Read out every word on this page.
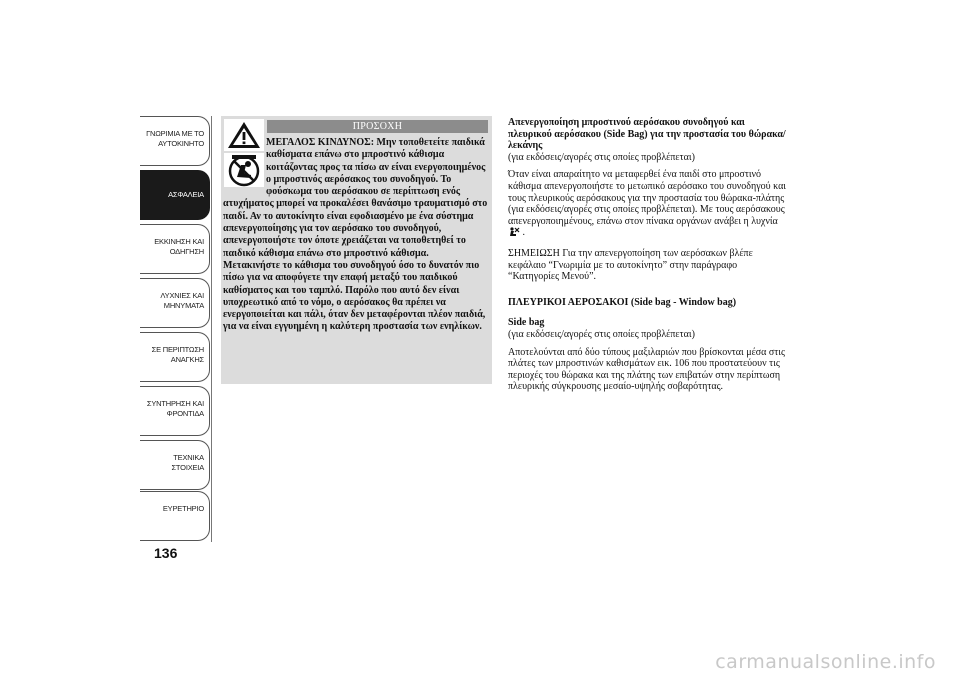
ΓΝΩΡΙΜΙΑ ΜΕ ΤΟ ΑΥΤΟΚΙΝΗΤΟ
ΑΣΦΑΛΕΙΑ
ΕΚΚΙΝΗΣΗ ΚΑΙ ΟΔΗΓΗΣΗ
ΛΥΧΝΙΕΣ ΚΑΙ ΜΗΝΥΜΑΤΑ
ΣΕ ΠΕΡΙΠΤΩΣΗ ΑΝΑΓΚΗΣ
ΣΥΝΤΗΡΗΣΗ ΚΑΙ ΦΡΟΝΤΙΔΑ
ΤΕΧΝΙΚΑ ΣΤΟΙΧΕΙΑ
ΕΥΡΕΤΗΡΙΟ
136
ΠΡΟΣΟΧΗ
ΜΕΓΑΛΟΣ ΚΙΝΔΥΝΟΣ: Μην τοποθετείτε παιδικά καθίσματα επάνω στο μπροστινό κάθισμα κοιτάζοντας προς τα πίσω αν είναι ενεργοποιημένος ο μπροστινός αερόσακος του συνοδηγού. Το φούσκωμα του αερόσακου σε περίπτωση ενός ατυχήματος μπορεί να προκαλέσει θανάσιμο τραυματισμό στο παιδί. Αν το αυτοκίνητο είναι εφοδιασμένο με ένα σύστημα απενεργοποίησης για τον αερόσακο του συνοδηγού, απενεργοποιήστε τον όποτε χρειάζεται να τοποθετηθεί το παιδικό κάθισμα επάνω στο μπροστινό κάθισμα. Μετακινήστε το κάθισμα του συνοδηγού όσο το δυνατόν πιο πίσω για να αποφύγετε την επαφή μεταξύ του παιδικού καθίσματος και του ταμπλό. Παρόλο που αυτό δεν είναι υποχρεωτικό από το νόμο, ο αερόσακος θα πρέπει να ενεργοποιείται και πάλι, όταν δεν μεταφέρονται πλέον παιδιά, για να είναι εγγυημένη η καλύτερη προστασία των ενηλίκων.

Απενεργοποίηση μπροστινού αερόσακου συνοδηγού και πλευρικού αερόσακου (Side Bag) για την προστασία του θώρακα/λεκάνης

(για εκδόσεις/αγορές στις οποίες προβλέπεται)

Όταν είναι απαραίτητο να μεταφερθεί ένα παιδί στο μπροστινό κάθισμα απενεργοποιήστε το μετωπικό αερόσακο του συνοδηγού και τους πλευρικούς αερόσακους για την προστασία του θώρακα-πλάτης (για εκδόσεις/αγορές στις οποίες προβλέπεται). Με τους αερόσακους απενεργοποιημένους, επάνω στον πίνακα οργάνων ανάβει η λυχνία  .

ΣΗΜΕΙΩΣΗ Για την απενεργοποίηση των αερόσακων βλέπε κεφάλαιο “Γνωριμία με το αυτοκίνητο” στην παράγραφο “Κατηγορίες Μενού”.

ΠΛΕΥΡΙΚΟΙ ΑΕΡΟΣΑΚΟΙ (Side bag - Window bag)

Side bag

(για εκδόσεις/αγορές στις οποίες προβλέπεται)

Αποτελούνται από δύο τύπους μαξιλαριών που βρίσκονται μέσα στις πλάτες των μπροστινών καθισμάτων εικ. 106 που προστατεύουν τις περιοχές του θώρακα και της πλάτης των επιβατών στην περίπτωση πλευρικής σύγκρουσης μεσαίο-υψηλής σοβαρότητας.

carmanualsonline.info
